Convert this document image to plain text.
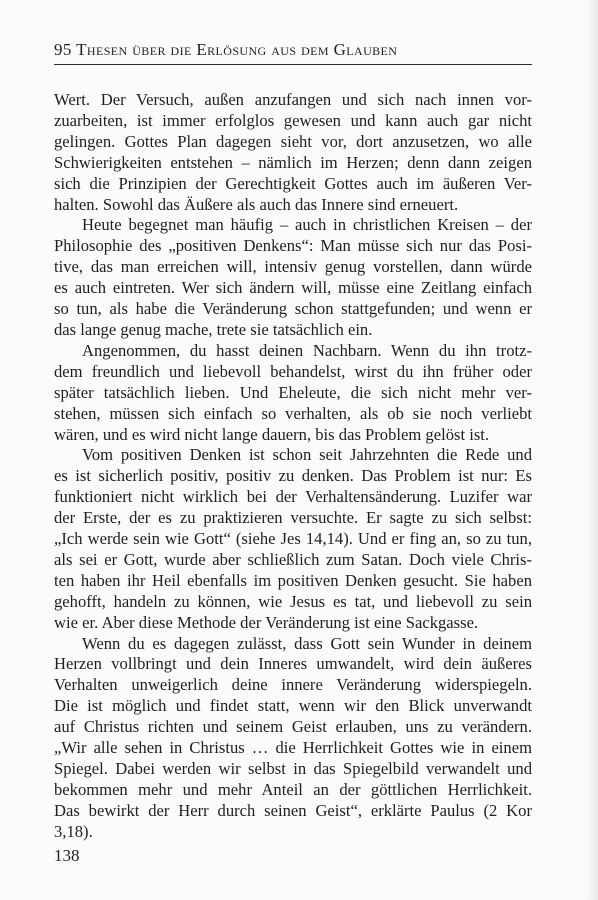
95 Thesen über die Erlösung aus dem Glauben
Wert. Der Versuch, außen anzufangen und sich nach innen vor-
zuarbeiten, ist immer erfolglos gewesen und kann auch gar nicht
gelingen. Gottes Plan dagegen sieht vor, dort anzusetzen, wo alle
Schwierigkeiten entstehen – nämlich im Herzen; denn dann zeigen
sich die Prinzipien der Gerechtigkeit Gottes auch im äußeren Ver-
halten. Sowohl das Äußere als auch das Innere sind erneuert.
Heute begegnet man häufig – auch in christlichen Kreisen – der
Philosophie des „positiven Denkens“: Man müsse sich nur das Posi-
tive, das man erreichen will, intensiv genug vorstellen, dann würde
es auch eintreten. Wer sich ändern will, müsse eine Zeitlang einfach
so tun, als habe die Veränderung schon stattgefunden; und wenn er
das lange genug mache, trete sie tatsächlich ein.
Angenommen, du hasst deinen Nachbarn. Wenn du ihn trotz-
dem freundlich und liebevoll behandelst, wirst du ihn früher oder
später tatsächlich lieben. Und Eheleute, die sich nicht mehr ver-
stehen, müssen sich einfach so verhalten, als ob sie noch verliebt
wären, und es wird nicht lange dauern, bis das Problem gelöst ist.
Vom positiven Denken ist schon seit Jahrzehnten die Rede und
es ist sicherlich positiv, positiv zu denken. Das Problem ist nur: Es
funktioniert nicht wirklich bei der Verhaltensänderung. Luzifer war
der Erste, der es zu praktizieren versuchte. Er sagte zu sich selbst:
„Ich werde sein wie Gott“ (siehe Jes 14,14). Und er fing an, so zu tun,
als sei er Gott, wurde aber schließlich zum Satan. Doch viele Chris-
ten haben ihr Heil ebenfalls im positiven Denken gesucht. Sie haben
gehofft, handeln zu können, wie Jesus es tat, und liebevoll zu sein
wie er. Aber diese Methode der Veränderung ist eine Sackgasse.
Wenn du es dagegen zulässt, dass Gott sein Wunder in deinem
Herzen vollbringt und dein Inneres umwandelt, wird dein äußeres
Verhalten unweigerlich deine innere Veränderung widerspiegeln.
Die ist möglich und findet statt, wenn wir den Blick unverwandt
auf Christus richten und seinem Geist erlauben, uns zu verändern.
„Wir alle sehen in Christus … die Herrlichkeit Gottes wie in einem
Spiegel. Dabei werden wir selbst in das Spiegelbild verwandelt und
bekommen mehr und mehr Anteil an der göttlichen Herrlichkeit.
Das bewirkt der Herr durch seinen Geist“, erklärte Paulus (2 Kor
3,18).
138
